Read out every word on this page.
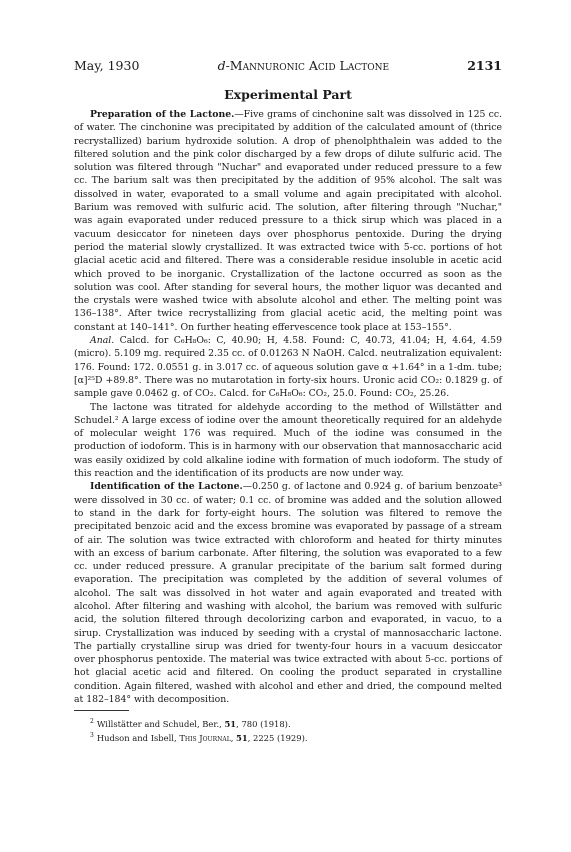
May, 1930	d-Mannuronic Acid Lactone	2131
Experimental Part

Preparation of the Lactone.—Five grams of cinchonine salt was dissolved in 125 cc. of water. The cinchonine was precipitated by addition of the calculated amount of (thrice recrystallized) barium hydroxide solution. A drop of phenolphthalein was added to the filtered solution and the pink color discharged by a few drops of dilute sulfuric acid. The solution was filtered through "Nuchar" and evaporated under reduced pressure to a few cc. The barium salt was then precipitated by the addition of 95% alcohol. The salt was dissolved in water, evaporated to a small volume and again precipitated with alcohol. Barium was removed with sulfuric acid. The solution, after filtering through "Nuchar," was again evaporated under reduced pressure to a thick sirup which was placed in a vacuum desiccator for nineteen days over phosphorus pentoxide. During the drying period the material slowly crystallized. It was extracted twice with 5-cc. portions of hot glacial acetic acid and filtered. There was a considerable residue insoluble in acetic acid which proved to be inorganic. Crystallization of the lactone occurred as soon as the solution was cool. After standing for several hours, the mother liquor was decanted and the crystals were washed twice with absolute alcohol and ether. The melting point was 136–138°. After twice recrystallizing from glacial acetic acid, the melting point was constant at 140–141°. On further heating effervescence took place at 153–155°.

Anal. Calcd. for C₆H₈O₆: C, 40.90; H, 4.58. Found: C, 40.73, 41.04; H, 4.64, 4.59 (micro). 5.109 mg. required 2.35 cc. of 0.01263 N NaOH. Calcd. neutralization equivalent: 176. Found: 172. 0.0551 g. in 3.017 cc. of aqueous solution gave α +1.64° in a 1-dm. tube; [α]²⁵D +89.8°. There was no mutarotation in forty-six hours. Uronic acid CO₂: 0.1829 g. of sample gave 0.0462 g. of CO₂. Calcd. for C₆H₈O₆: CO₂, 25.0. Found: CO₂, 25.26.

The lactone was titrated for aldehyde according to the method of Willstätter and Schudel.² A large excess of iodine over the amount theoretically required for an aldehyde of molecular weight 176 was required. Much of the iodine was consumed in the production of iodoform. This is in harmony with our observation that mannosaccharic acid was easily oxidized by cold alkaline iodine with formation of much iodoform. The study of this reaction and the identification of its products are now under way.

Identification of the Lactone.—0.250 g. of lactone and 0.924 g. of barium benzoate³ were dissolved in 30 cc. of water; 0.1 cc. of bromine was added and the solution allowed to stand in the dark for forty-eight hours. The solution was filtered to remove the precipitated benzoic acid and the excess bromine was evaporated by passage of a stream of air. The solution was twice extracted with chloroform and heated for thirty minutes with an excess of barium carbonate. After filtering, the solution was evaporated to a few cc. under reduced pressure. A granular precipitate of the barium salt formed during evaporation. The precipitation was completed by the addition of several volumes of alcohol. The salt was dissolved in hot water and again evaporated and treated with alcohol. After filtering and washing with alcohol, the barium was removed with sulfuric acid, the solution filtered through decolorizing carbon and evaporated, in vacuo, to a sirup. Crystallization was induced by seeding with a crystal of mannosaccharic lactone. The partially crystalline sirup was dried for twenty-four hours in a vacuum desiccator over phosphorus pentoxide. The material was twice extracted with about 5-cc. portions of hot glacial acetic acid and filtered. On cooling the product separated in crystalline condition. Again filtered, washed with alcohol and ether and dried, the compound melted at 182–184° with decomposition.

$^2$ Willstätter and Schudel, Ber., 51, 780 (1918).
$^3$ Hudson and Isbell, This Journal, 51, 2225 (1929).
